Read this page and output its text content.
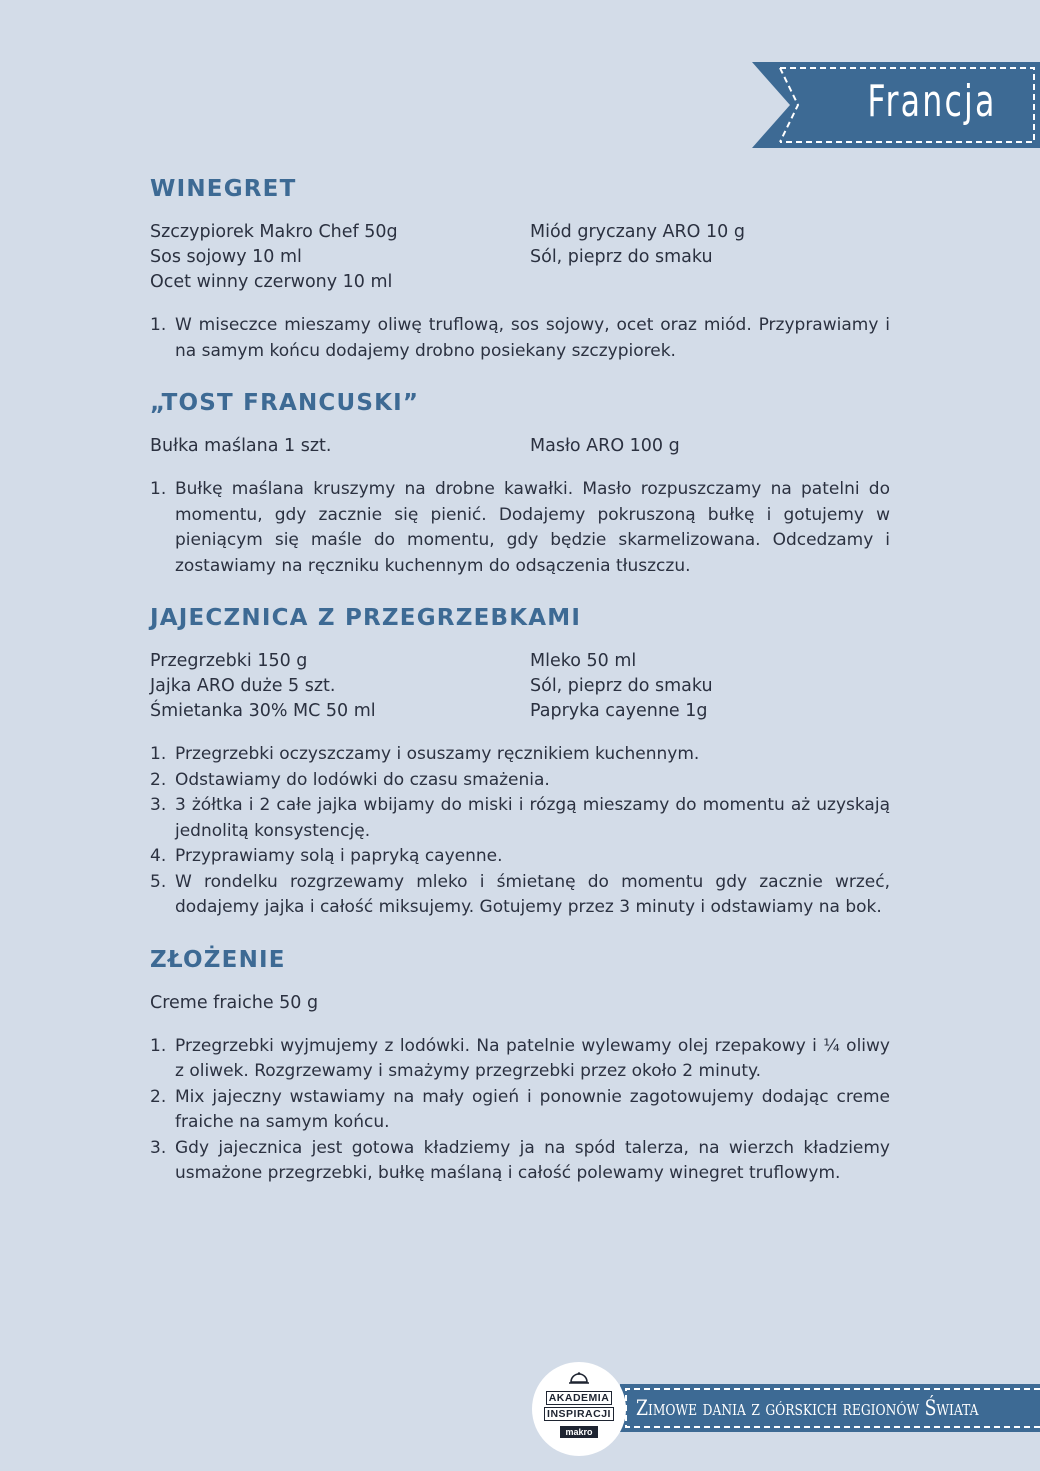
Francja
WINEGRET
Szczypiorek Makro Chef 50g
Sos sojowy 10 ml
Ocet winny czerwony 10 ml
Miód gryczany ARO 10 g
Sól, pieprz do smaku
1. W miseczce mieszamy oliwę truflową, sos sojowy, ocet oraz miód. Przyprawiamy i na samym końcu dodajemy drobno posiekany szczypiorek.
„TOST FRANCUSKI”
Bułka maślana 1 szt.	Masło ARO 100 g
1. Bułkę maślana kruszymy na drobne kawałki. Masło rozpuszczamy na patelni do momentu, gdy zacznie się pienić. Dodajemy pokruszoną bułkę i gotujemy w pieniącym się maśle do momentu, gdy będzie skarmelizowana. Odcedzamy i zostawiamy na ręczniku kuchennym do odsączenia tłuszczu.
JAJECZNICA Z PRZEGRZEBKAMI
Przegrzebki 150 g
Jajka ARO duże 5 szt.
Śmietanka 30% MC 50 ml
Mleko 50 ml
Sól, pieprz do smaku
Papryka cayenne 1g
1. Przegrzebki oczyszczamy i osuszamy ręcznikiem kuchennym.
2. Odstawiamy do lodówki do czasu smażenia.
3. 3 żółtka i 2 całe jajka wbijamy do miski i rózgą mieszamy do momentu aż uzyskają jednolitą konsystencję.
4. Przyprawiamy solą i papryką cayenne.
5. W rondelku rozgrzewamy mleko i śmietanę do momentu gdy zacznie wrzeć, dodajemy jajka i całość miksujemy. Gotujemy przez 3 minuty i odstawiamy na bok.
ZŁOŻENIE
Creme fraiche 50 g
1. Przegrzebki wyjmujemy z lodówki. Na patelnie wylewamy olej rzepakowy i ¼ oliwy z oliwek. Rozgrzewamy i smażymy przegrzebki przez około 2 minuty.
2. Mix jajeczny wstawiamy na mały ogień i ponownie zagotowujemy dodając creme fraiche na samym końcu.
3. Gdy jajecznica jest gotowa kładziemy ja na spód talerza, na wierzch kładziemy usmażone przegrzebki, bułkę maślaną i całość polewamy winegret truflowym.
Zimowe dania z górskich regionów Świata
AKADEMIA
INSPIRACJI
makro
